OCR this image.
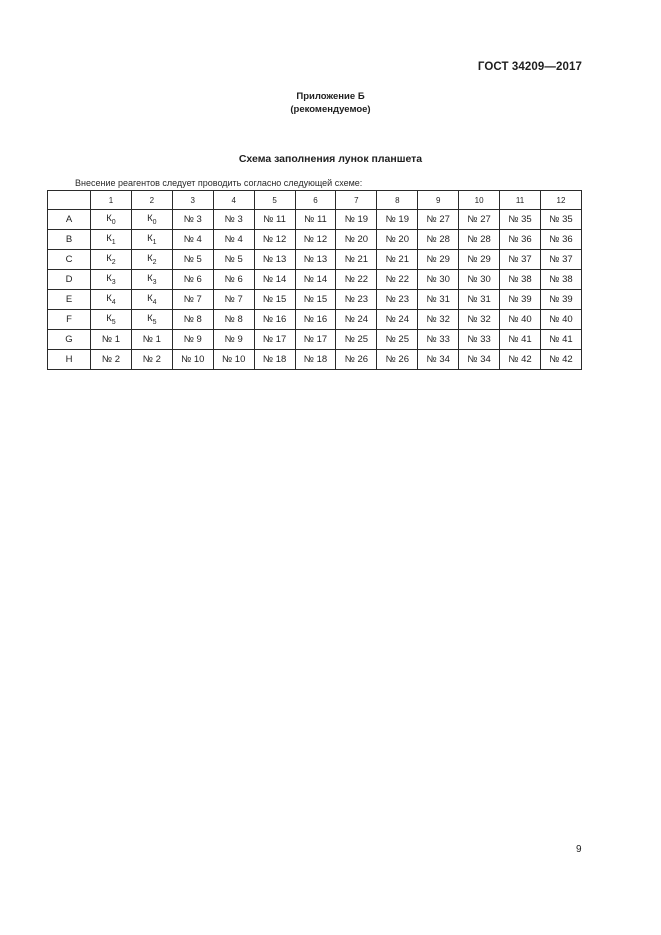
ГОСТ 34209—2017
Приложение Б
(рекомендуемое)
Схема заполнения лунок планшета
Внесение реагентов следует проводить согласно следующей схеме:
	1	2	3	4	5	6	7	8	9	10	11	12
A	$К_0$	$К_0$	№ 3	№ 3	№ 11	№ 11	№ 19	№ 19	№ 27	№ 27	№ 35	№ 35
B	$К_1$	$К_1$	№ 4	№ 4	№ 12	№ 12	№ 20	№ 20	№ 28	№ 28	№ 36	№ 36
C	$К_2$	$К_2$	№ 5	№ 5	№ 13	№ 13	№ 21	№ 21	№ 29	№ 29	№ 37	№ 37
D	$К_3$	$К_3$	№ 6	№ 6	№ 14	№ 14	№ 22	№ 22	№ 30	№ 30	№ 38	№ 38
E	$К_4$	$К_4$	№ 7	№ 7	№ 15	№ 15	№ 23	№ 23	№ 31	№ 31	№ 39	№ 39
F	$К_5$	$К_5$	№ 8	№ 8	№ 16	№ 16	№ 24	№ 24	№ 32	№ 32	№ 40	№ 40
G	№ 1	№ 1	№ 9	№ 9	№ 17	№ 17	№ 25	№ 25	№ 33	№ 33	№ 41	№ 41
H	№ 2	№ 2	№ 10	№ 10	№ 18	№ 18	№ 26	№ 26	№ 34	№ 34	№ 42	№ 42
9
